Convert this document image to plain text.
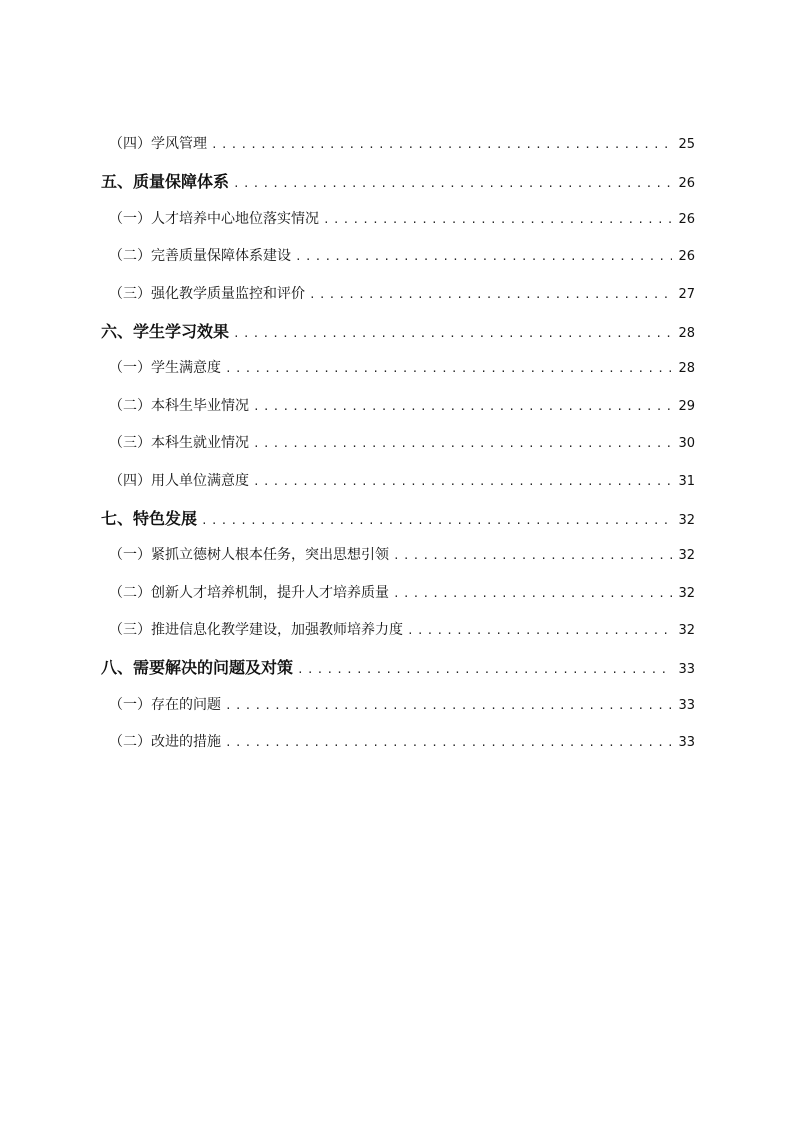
（四）学风管理 .....	25
五、质量保障体系 .....	26
（一）人才培养中心地位落实情况 .....	26
（二）完善质量保障体系建设 .....	26
（三）强化教学质量监控和评价 .....	27
六、学生学习效果 .....	28
（一）学生满意度 .....	28
（二）本科生毕业情况 .....	29
（三）本科生就业情况 .....	30
（四）用人单位满意度 .....	31
七、特色发展 .....	32
（一）紧抓立德树人根本任务，突出思想引领 .....	32
（二）创新人才培养机制，提升人才培养质量 .....	32
（三）推进信息化教学建设，加强教师培养力度 .....	32
八、需要解决的问题及对策 .....	33
（一）存在的问题 .....	33
（二）改进的措施 .....	33
